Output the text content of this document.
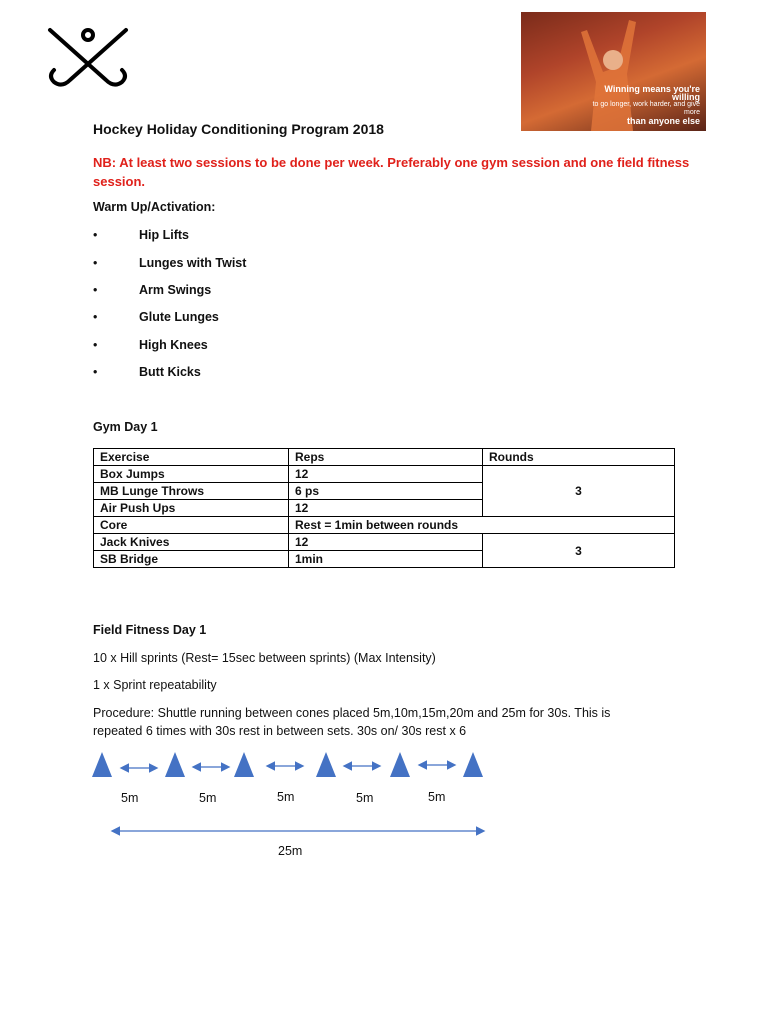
Winning means you're willing
to go longer, work harder, and give more
than anyone else
Hockey Holiday Conditioning Program 2018
NB: At least two sessions to be done per week. Preferably one gym session and one field fitness session.
Warm Up/Activation:
•	Hip Lifts
•	Lunges with Twist
•	Arm Swings
•	Glute Lunges
•	High Knees
•	Butt Kicks
Gym Day 1
Exercise	Reps	Rounds
Box Jumps	12	3
MB Lunge Throws	6 ps	
Air Push Ups	12	
Core	Rest = 1min between rounds	
Jack Knives	12	3
SB Bridge	1min	
Field Fitness Day 1
10 x Hill sprints (Rest= 15sec between sprints) (Max Intensity)
1 x Sprint repeatability
Procedure: Shuttle running between cones placed 5m,10m,15m,20m and 25m for 30s. This is
repeated 6 times with 30s rest in between sets. 30s on/ 30s rest x 6
5m	5m	5m	5m	5m
25m
